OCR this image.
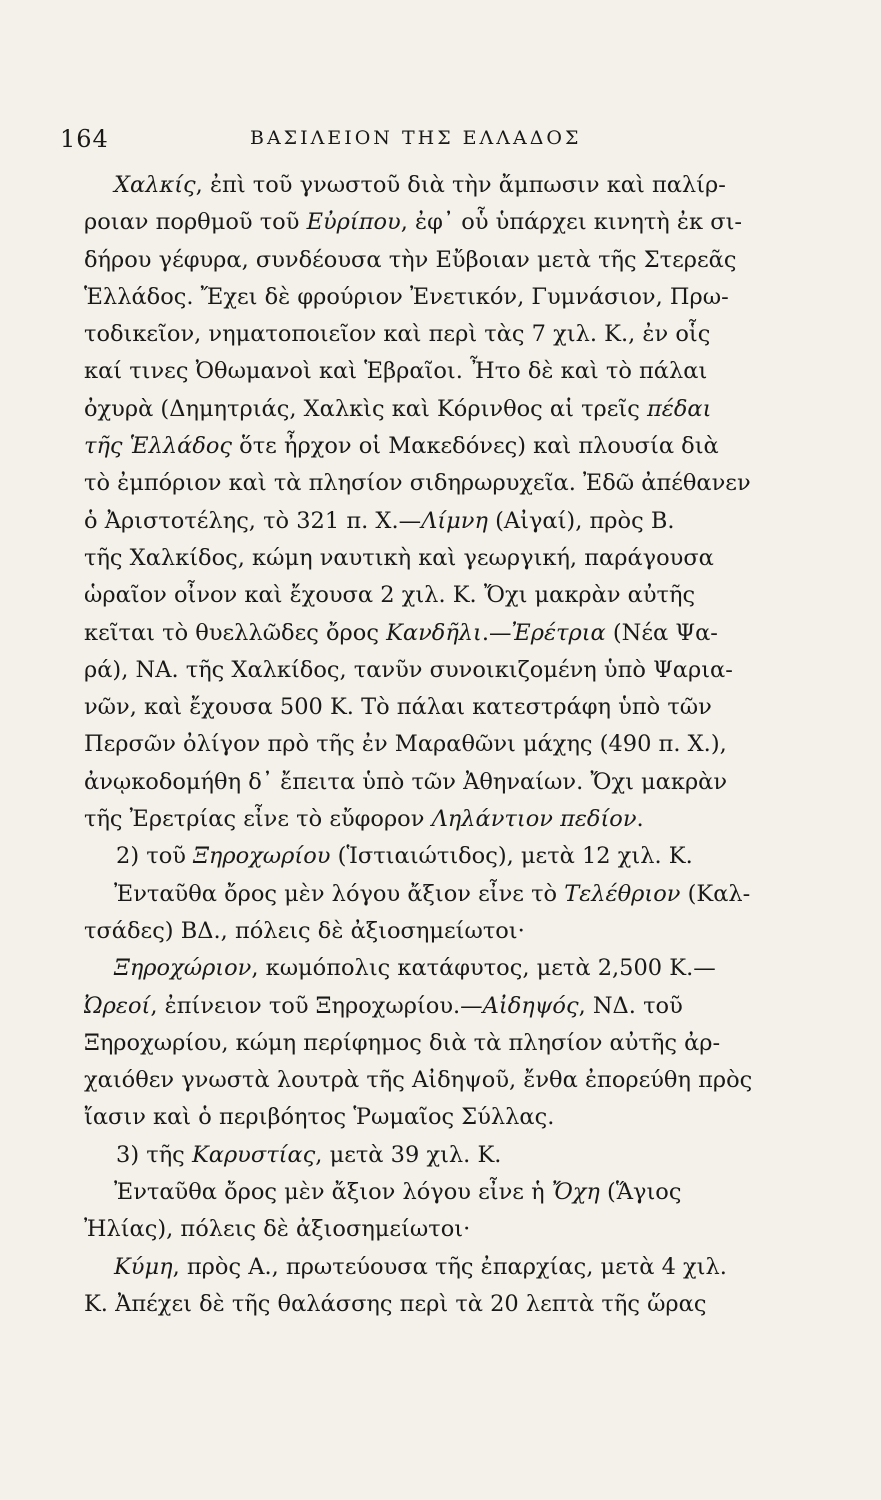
164	ΒΑΣΙΛΕΙΟΝ ΤΗΣ ΕΛΛΑΔΟΣ
Χαλκίς, ἐπὶ τοῦ γνωστοῦ διὰ τὴν ἄμπωσιν καὶ παλίρ-
ροιαν πορθμοῦ τοῦ Εὐρίπου, ἐφ᾽ οὗ ὑπάρχει κινητὴ ἐκ σι-
δήρου γέφυρα, συνδέουσα τὴν Εὔβοιαν μετὰ τῆς Στερεᾶς
Ἑλλάδος. Ἔχει δὲ φρούριον Ἐνετικόν, Γυμνάσιον, Πρω-
τοδικεῖον, νηματοποιεῖον καὶ περὶ τὰς 7 χιλ. Κ., ἐν οἷς
καί τινες Ὀθωμανοὶ καὶ Ἑβραῖοι. Ἦτο δὲ καὶ τὸ πάλαι
ὀχυρὰ (Δημητριάς, Χαλκὶς καὶ Κόρινθος αἱ τρεῖς πέδαι
τῆς Ἑλλάδος ὅτε ἦρχον οἱ Μακεδόνες) καὶ πλουσία διὰ
τὸ ἐμπόριον καὶ τὰ πλησίον σιδηρωρυχεῖα. Ἐδῶ ἀπέθανεν
ὁ Ἀριστοτέλης, τὸ 321 π. Χ.—Λίμνη (Αἰγαί), πρὸς Β.
τῆς Χαλκίδος, κώμη ναυτικὴ καὶ γεωργική, παράγουσα
ὡραῖον οἶνον καὶ ἔχουσα 2 χιλ. Κ. Ὄχι μακρὰν αὐτῆς
κεῖται τὸ θυελλῶδες ὄρος Κανδῆλι.—Ἐρέτρια (Νέα Ψα-
ρά), ΝΑ. τῆς Χαλκίδος, τανῦν συνοικιζομένη ὑπὸ Ψαρια-
νῶν, καὶ ἔχουσα 500 Κ. Τὸ πάλαι κατεστράφη ὑπὸ τῶν
Περσῶν ὀλίγον πρὸ τῆς ἐν Μαραθῶνι μάχης (490 π. Χ.),
ἀνῳκοδομήθη δ᾽ ἔπειτα ὑπὸ τῶν Ἀθηναίων. Ὄχι μακρὰν
τῆς Ἐρετρίας εἶνε τὸ εὔφορον Ληλάντιον πεδίον.
2) τοῦ Ξηροχωρίου (Ἱστιαιώτιδος), μετὰ 12 χιλ. Κ.
Ἐνταῦθα ὄρος μὲν λόγου ἄξιον εἶνε τὸ Τελέθριον (Καλ-
τσάδες) ΒΔ., πόλεις δὲ ἀξιοσημείωτοι·
Ξηροχώριον, κωμόπολις κατάφυτος, μετὰ 2,500 Κ.—
Ὠρεοί, ἐπίνειον τοῦ Ξηροχωρίου.—Αἰδηψός, ΝΔ. τοῦ
Ξηροχωρίου, κώμη περίφημος διὰ τὰ πλησίον αὐτῆς ἀρ-
χαιόθεν γνωστὰ λουτρὰ τῆς Αἰδηψοῦ, ἔνθα ἐπορεύθη πρὸς
ἴασιν καὶ ὁ περιβόητος Ῥωμαῖος Σύλλας.
3) τῆς Καρυστίας, μετὰ 39 χιλ. Κ.
Ἐνταῦθα ὄρος μὲν ἄξιον λόγου εἶνε ἡ Ὄχη (Ἅγιος
Ἠλίας), πόλεις δὲ ἀξιοσημείωτοι·
Κύμη, πρὸς Α., πρωτεύουσα τῆς ἐπαρχίας, μετὰ 4 χιλ.
Κ. Ἀπέχει δὲ τῆς θαλάσσης περὶ τὰ 20 λεπτὰ τῆς ὥρας
